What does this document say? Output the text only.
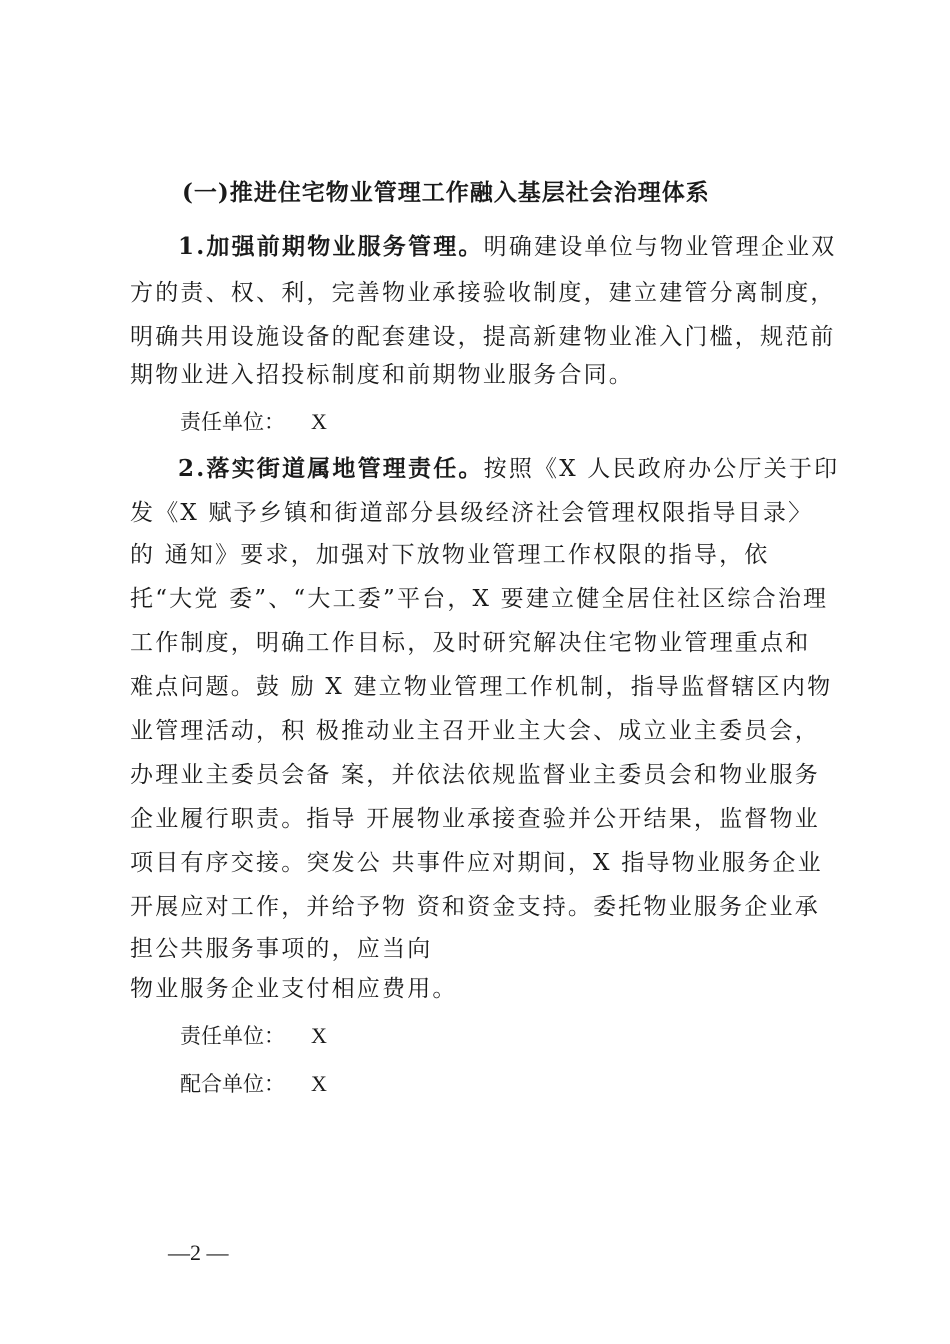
(一)推进住宅物业管理工作融入基层社会治理体系
1.加强前期物业服务管理。明确建设单位与物业管理企业双
方的责、权、利，完善物业承接验收制度，建立建管分离制度，
明确共用设施设备的配套建设，提高新建物业准入门槛，规范前
期物业进入招投标制度和前期物业服务合同。
责任单位： X
2.落实街道属地管理责任。按照《X 人民政府办公厅关于印
发《X 赋予乡镇和街道部分县级经济社会管理权限指导目录〉
的 通知》要求，加强对下放物业管理工作权限的指导，依
托“大党 委”、“大工委”平台，X 要建立健全居住社区综合治理
工作制度，明确工作目标，及时研究解决住宅物业管理重点和
难点问题。鼓 励 X 建立物业管理工作机制，指导监督辖区内物
业管理活动，积 极推动业主召开业主大会、成立业主委员会，
办理业主委员会备 案，并依法依规监督业主委员会和物业服务
企业履行职责。指导 开展物业承接查验并公开结果，监督物业
项目有序交接。突发公 共事件应对期间，X 指导物业服务企业
开展应对工作，并给予物 资和资金支持。委托物业服务企业承
担公共服务事项的，应当向
物业服务企业支付相应费用。
责任单位： X
配合单位： X
—2 —
